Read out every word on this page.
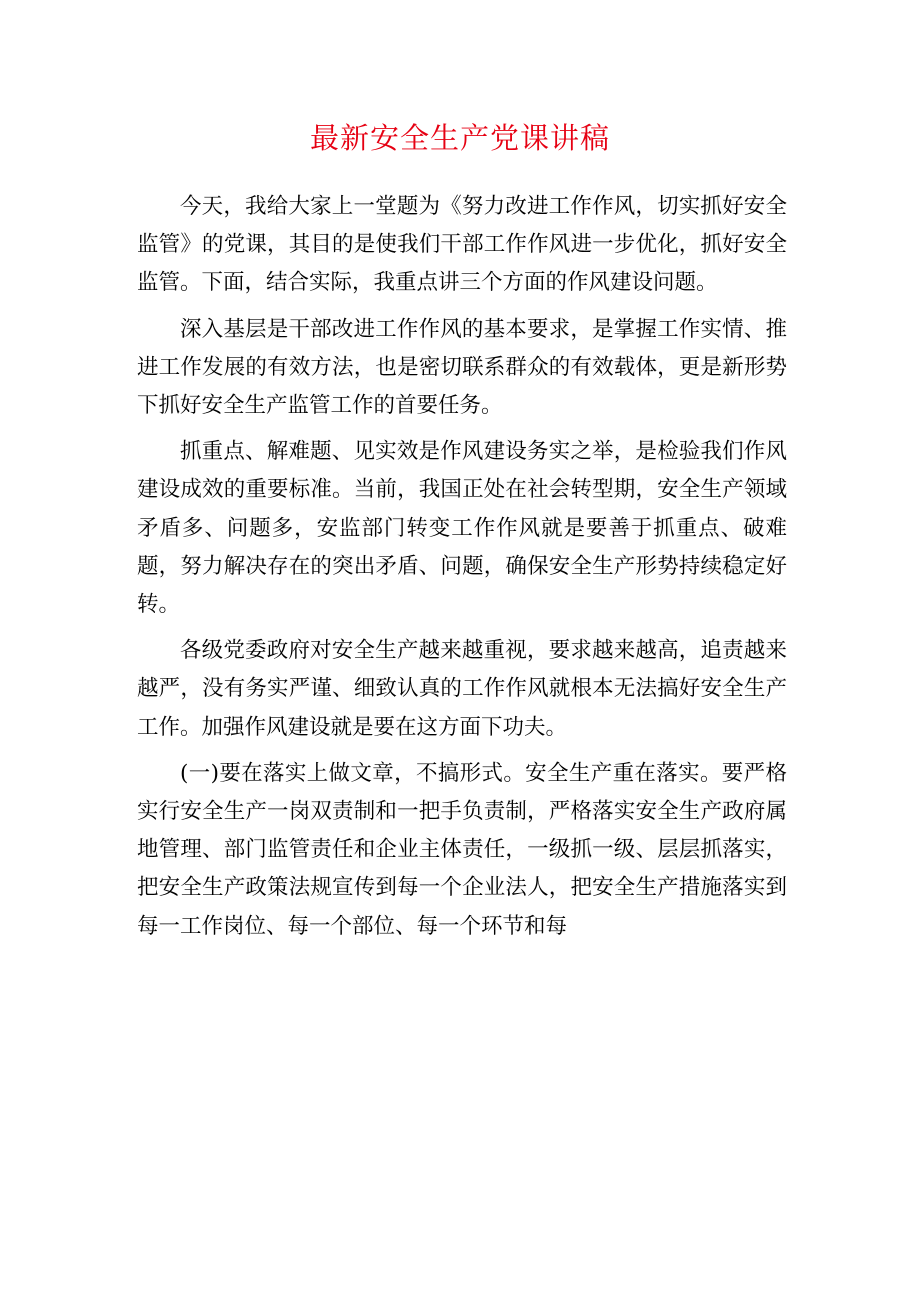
最新安全生产党课讲稿

今天，我给大家上一堂题为《努力改进工作作风，切实抓好安全监管》的党课，其目的是使我们干部工作作风进一步优化，抓好安全监管。下面，结合实际，我重点讲三个方面的作风建设问题。

深入基层是干部改进工作作风的基本要求，是掌握工作实情、推进工作发展的有效方法，也是密切联系群众的有效载体，更是新形势下抓好安全生产监管工作的首要任务。

抓重点、解难题、见实效是作风建设务实之举，是检验我们作风建设成效的重要标准。当前，我国正处在社会转型期，安全生产领域矛盾多、问题多，安监部门转变工作作风就是要善于抓重点、破难题，努力解决存在的突出矛盾、问题，确保安全生产形势持续稳定好转。

各级党委政府对安全生产越来越重视，要求越来越高，追责越来越严，没有务实严谨、细致认真的工作作风就根本无法搞好安全生产工作。加强作风建设就是要在这方面下功夫。

(一)要在落实上做文章，不搞形式。安全生产重在落实。要严格实行安全生产一岗双责制和一把手负责制，严格落实安全生产政府属地管理、部门监管责任和企业主体责任，一级抓一级、层层抓落实，把安全生产政策法规宣传到每一个企业法人，把安全生产措施落实到每一工作岗位、每一个部位、每一个环节和每
